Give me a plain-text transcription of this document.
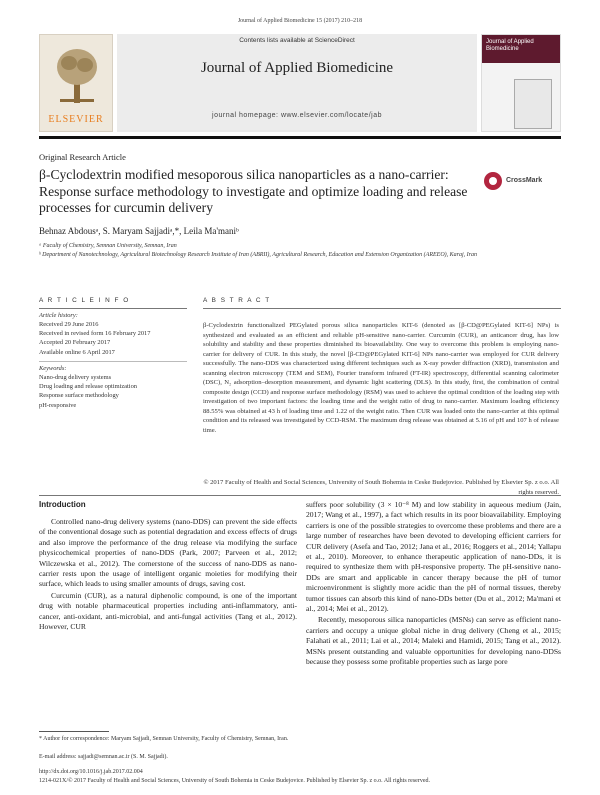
Journal of Applied Biomedicine 15 (2017) 210–218
ELSEVIER
Contents lists available at ScienceDirect
Journal of Applied Biomedicine
journal homepage: www.elsevier.com/locate/jab
Journal of Applied Biomedicine
Original Research Article
β-Cyclodextrin modified mesoporous silica nanoparticles as a nano-carrier: Response surface methodology to investigate and optimize loading and release processes for curcumin delivery
CrossMark
Behnaz Abdousᵃ, S. Maryam Sajjadiᵃ,*, Leila Ma'maniᵇ
ᵃ Faculty of Chemistry, Semnan University, Semnan, Iran
ᵇ Department of Nanotechnology, Agricultural Biotechnology Research Institute of Iran (ABRII), Agricultural Research, Education and Extension Organization (AREEO), Karaj, Iran
A R T I C L E I N F O	A B S T R A C T
Article history:
Received 29 June 2016
Received in revised form 16 February 2017
Accepted 20 February 2017
Available online 6 April 2017
Keywords:
Nano-drug delivery systems
Drug loading and release optimization
Response surface methodology
pH-responsive
β-Cyclodextrin functionalized PEGylated porous silica nanoparticles KIT-6 (denoted as [β-CD@PEGylated KIT-6] NPs) is synthesized and evaluated as an efficient and reliable pH-sensitive nano-carrier. Curcumin (CUR), an anticancer drug, has low solubility and stability and these properties diminished its bioavailability. One way to overcome this problem is employing nano-carrier for delivery of CUR. In this study, the novel [β-CD@PEGylated KIT-6] NPs nano-carrier was employed for CUR delivery successfully. The nano-DDS was characterized using different techniques such as X-ray powder diffraction (XRD), transmission and scanning electron microscopy (TEM and SEM), Fourier transform infrared (FT-IR) spectroscopy, differential scanning calorimeter (DSC), N₂ adsorption–desorption measurement, and dynamic light scattering (DLS). In this study, first, the combination of central composite design (CCD) and response surface methodology (RSM) was used to achieve the optimal condition of the loading step with investigation of two important factors: the loading time and the weight ratio of drug to nano-carrier. Maximum loading efficiency 88.55% was obtained at 43 h of loading time and 1.22 of the weight ratio. Then CUR was loaded onto the nano-carrier at this optimal condition and its released was investigated by CCD-RSM. The maximum drug release was obtained at 5.16 of pH and 107 h of release time.
© 2017 Faculty of Health and Social Sciences, University of South Bohemia in Ceske Budejovice. Published by Elsevier Sp. z o.o. All rights reserved.
Introduction

Controlled nano-drug delivery systems (nano-DDS) can prevent the side effects of the conventional dosage such as potential degradation and excess effects of drugs and also improve the performance of the drug release via modifying the surface physicochemical properties of nano-DDS (Park, 2007; Parveen et al., 2012; Wilczewska et al., 2012). The cornerstone of the success of nano-DDS as nano-carrier rests upon the usage of intelligent organic moieties for modifying their surface, which leads to using smaller amounts of drugs, saving cost.

Curcumin (CUR), as a natural diphenolic compound, is one of the important drug with notable pharmaceutical properties including anti-inflammatory, anti-cancer, anti-oxidant, anti-microbial, and anti-fungal activities (Tang et al., 2012). However, CUR

suffers poor solubility (3 × 10⁻⁸ M) and low stability in aqueous medium (Jain, 2017; Wang et al., 1997), a fact which results in its poor bioavailability. Employing carriers is one of the possible strategies to overcome these problems and there are a large number of researches have been devoted to developing efficient carriers for CUR delivery (Asefa and Tao, 2012; Jana et al., 2016; Roggers et al., 2014; Yallapu et al., 2010). Moreover, to enhance therapeutic application of nano-DDs, it is required to synthesize them with pH-responsive property. The pH-sensitive nano-DDs are smart and applicable in cancer therapy because the pH of tumor microenvironment is slightly more acidic than the pH of normal tissues, thereby tumor tissues can absorb this kind of nano-DDs better (Du et al., 2012; Ma'mani et al., 2014; Mei et al., 2012).

Recently, mesoporous silica nanoparticles (MSNs) can serve as efficient nano-carriers and occupy a unique global niche in drug delivery (Cheng et al., 2015; Falahati et al., 2011; Lai et al., 2014; Maleki and Hamidi, 2015; Tang et al., 2012). MSNs present outstanding and valuable opportunities for developing nano-DDSs because they possess some profitable properties such as large pore

* Author for correspondence: Maryam Sajjadi, Semnan University, Faculty of Chemistry, Semnan, Iran.
E-mail address: sajjadi@semnan.ac.ir (S. M. Sajjadi).
http://dx.doi.org/10.1016/j.jab.2017.02.004
1214-021X/© 2017 Faculty of Health and Social Sciences, University of South Bohemia in Ceske Budejovice. Published by Elsevier Sp. z o.o. All rights reserved.
